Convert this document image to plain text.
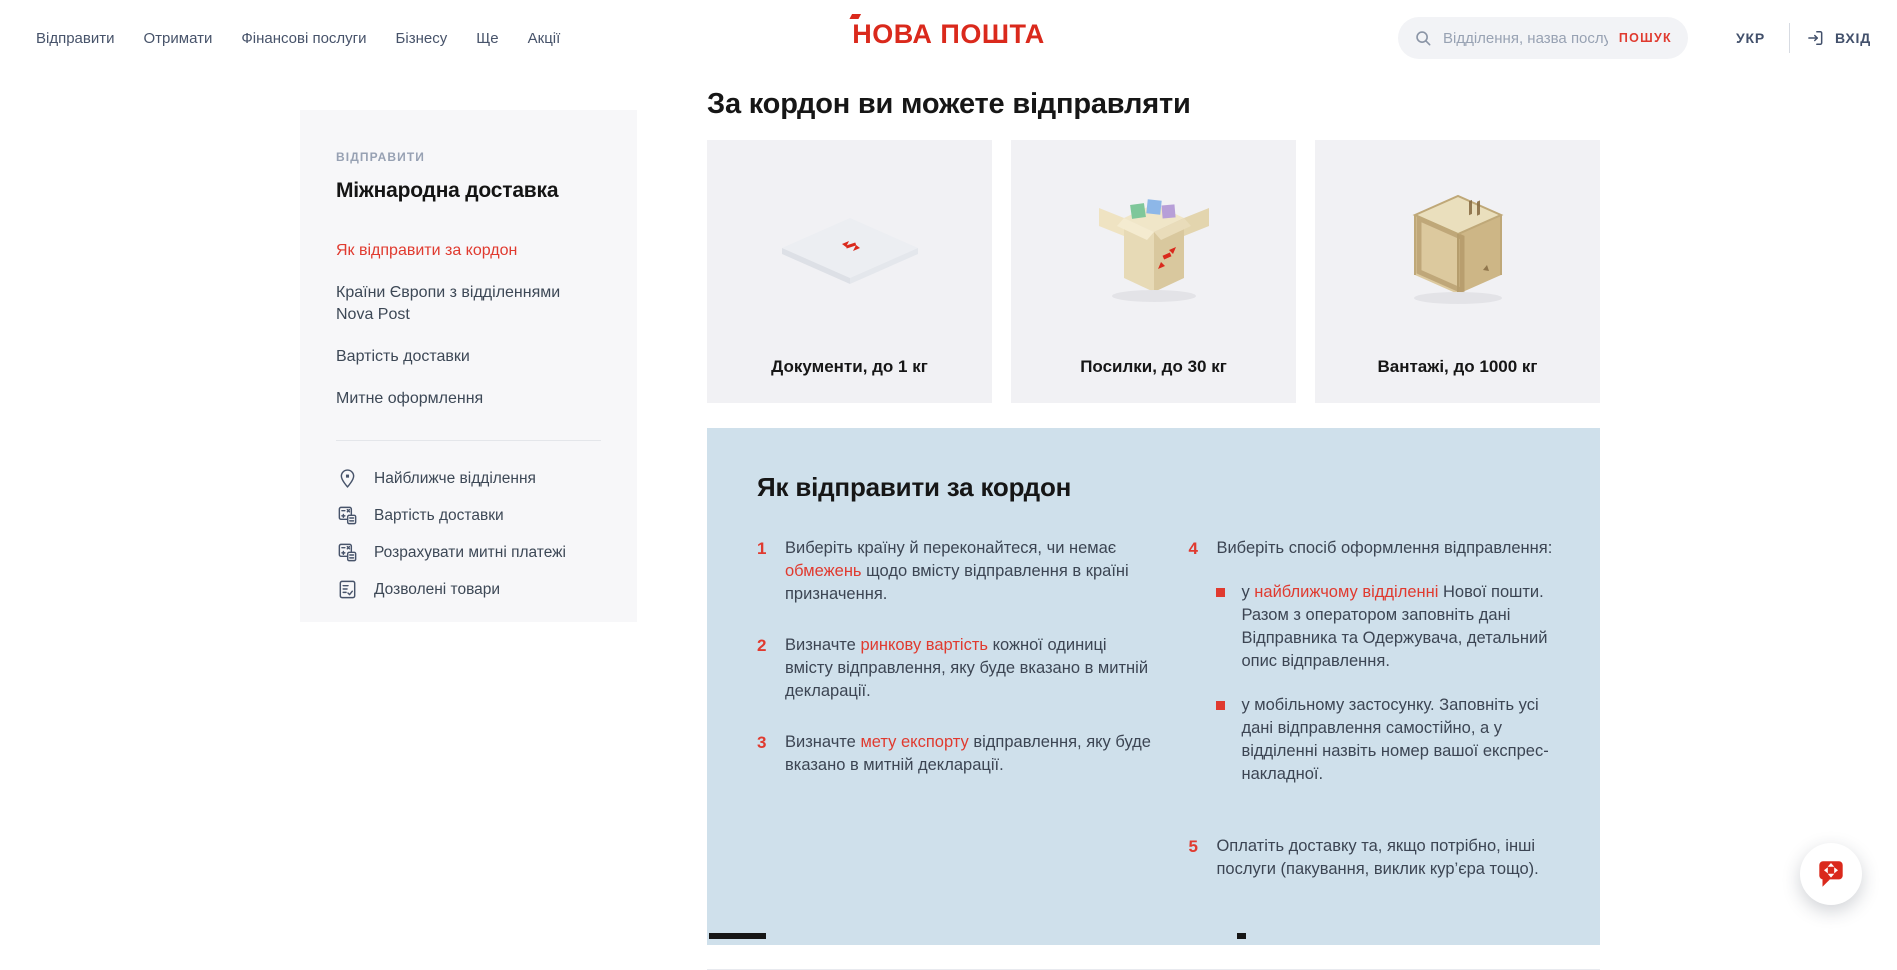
Відправити Отримати Фінансові послуги Бізнесу Ще Акції	НОВА ПОШТА
Відділення, назва послуги, но	ПОШУК	УКР	ВХІД
ВІДПРАВИТИ
Міжнародна доставка
Як відправити за кордон
Країни Європи з відділеннями Nova Post
Вартість доставки
Митне оформлення
Найближче відділення
Вартість доставки
Розрахувати митні платежі
Дозволені товари
За кордон ви можете відправляти
Документи, до 1 кг	Посилки, до 30 кг	Вантажі, до 1000 кг
Як відправити за кордон
1 Виберіть країну й переконайтеся, чи немає обмежень щодо вмісту відправлення в країні призначення.

2 Визначте ринкову вартість кожної одиниці вмісту відправлення, яку буде вказано в митній декларації.

3 Визначте мету експорту відправлення, яку буде вказано в митній декларації.

4 Виберіть спосіб оформлення відправлення:

у найближчому відділенні Нової пошти. Разом з оператором заповніть дані Відправника та Одержувача, детальний опис відправлення.

у мобільному застосунку. Заповніть усі дані відправлення самостійно, а у відділенні назвіть номер вашої експрес-накладної.

5 Оплатіть доставку та, якщо потрібно, інші послуги (пакування, виклик кур’єра тощо).
